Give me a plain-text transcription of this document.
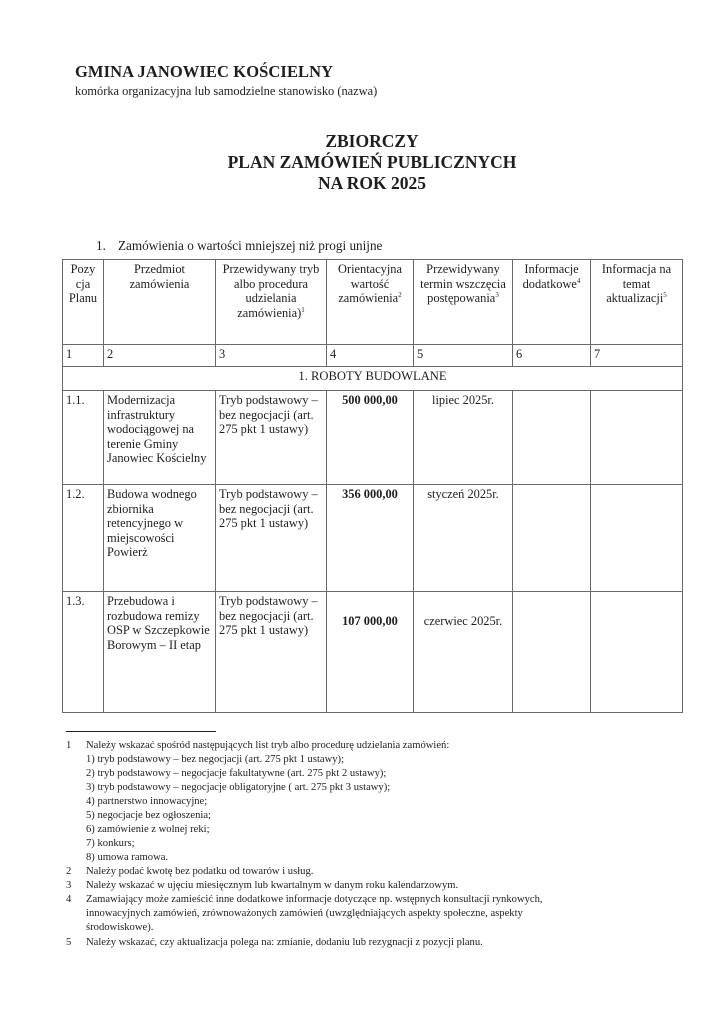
GMINA JANOWIEC KOŚCIELNY
komórka organizacyjna lub samodzielne stanowisko (nazwa)
ZBIORCZY
PLAN ZAMÓWIEŃ PUBLICZNYCH
NA ROK 2025
1. Zamówienia o wartości mniejszej niż progi unijne
Pozy cja Planu	Przedmiot zamówienia	Przewidywany tryb albo procedura udzielania zamówienia)$^1$	Orientacyjna wartość zamówienia$^2$	Przewidywany termin wszczęcia postępowania$^3$	Informacje dodatkowe$^4$	Informacja na temat aktualizacji$^5$
1	2	3	4	5	6	7
1. ROBOTY BUDOWLANE						
1.1.	Modernizacja infrastruktury wodociągowej na terenie Gminy Janowiec Kościelny	Tryb podstawowy – bez negocjacji (art. 275 pkt 1 ustawy)	500 000,00	lipiec 2025r.		
1.2.	Budowa wodnego zbiornika retencyjnego w miejscowości Powierż	Tryb podstawowy – bez negocjacji (art. 275 pkt 1 ustawy)	356 000,00	styczeń 2025r.		
1.3.	Przebudowa i rozbudowa remizy OSP w Szczepkowie Borowym – II etap	Tryb podstawowy – bez negocjacji (art. 275 pkt 1 ustawy)	107 000,00	czerwiec 2025r.		
1 Należy wskazać spośród następujących list tryb albo procedurę udzielania zamówień:
1) tryb podstawowy – bez negocjacji (art. 275 pkt 1 ustawy);
2) tryb podstawowy – negocjacje fakultatywne (art. 275 pkt 2 ustawy);
3) tryb podstawowy – negocjacje obligatoryjne ( art. 275 pkt 3 ustawy);
4) partnerstwo innowacyjne;
5) negocjacje bez ogłoszenia;
6) zamówienie z wolnej reki;
7) konkurs;
8) umowa ramowa.
2 Należy podać kwotę bez podatku od towarów i usług.
3 Należy wskazać w ujęciu miesięcznym lub kwartalnym w danym roku kalendarzowym.
4 Zamawiający może zamieścić inne dodatkowe informacje dotyczące np. wstępnych konsultacji rynkowych,
innowacyjnych zamówień, zrównoważonych zamówień (uwzględniających aspekty społeczne, aspekty
środowiskowe).
5 Należy wskazać, czy aktualizacja polega na: zmianie, dodaniu lub rezygnacji z pozycji planu.
